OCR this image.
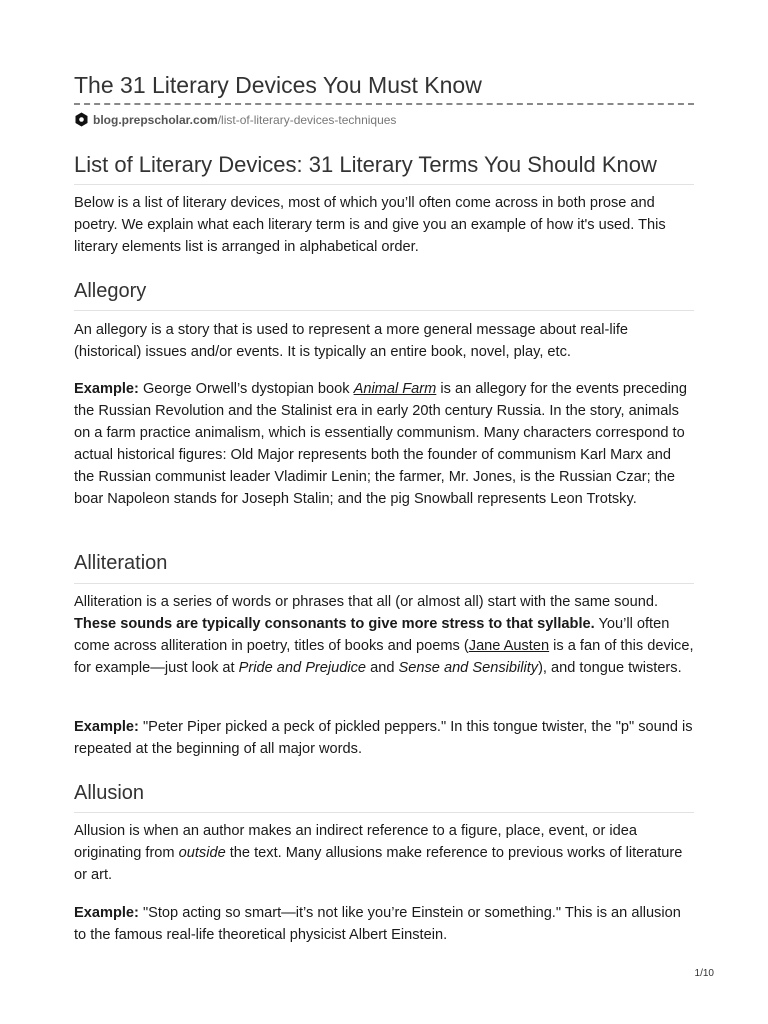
The 31 Literary Devices You Must Know
blog.prepscholar.com /list-of-literary-devices-techniques
List of Literary Devices: 31 Literary Terms You Should Know

Below is a list of literary devices, most of which you’ll often come across in both prose and poetry. We explain what each literary term is and give you an example of how it's used. This literary elements list is arranged in alphabetical order.

Allegory

An allegory is a story that is used to represent a more general message about real-life (historical) issues and/or events. It is typically an entire book, novel, play, etc.

Example: George Orwell’s dystopian book Animal Farm is an allegory for the events preceding the Russian Revolution and the Stalinist era in early 20th century Russia. In the story, animals on a farm practice animalism, which is essentially communism. Many characters correspond to actual historical figures: Old Major represents both the founder of communism Karl Marx and the Russian communist leader Vladimir Lenin; the farmer, Mr. Jones, is the Russian Czar; the boar Napoleon stands for Joseph Stalin; and the pig Snowball represents Leon Trotsky.

Alliteration

Alliteration is a series of words or phrases that all (or almost all) start with the same sound. These sounds are typically consonants to give more stress to that syllable. You’ll often come across alliteration in poetry, titles of books and poems (Jane Austen is a fan of this device, for example—just look at Pride and Prejudice and Sense and Sensibility), and tongue twisters.

Example: "Peter Piper picked a peck of pickled peppers." In this tongue twister, the "p" sound is repeated at the beginning of all major words.

Allusion

Allusion is when an author makes an indirect reference to a figure, place, event, or idea originating from outside the text. Many allusions make reference to previous works of literature or art.

Example: "Stop acting so smart—it’s not like you’re Einstein or something." This is an allusion to the famous real-life theoretical physicist Albert Einstein.

1/10
